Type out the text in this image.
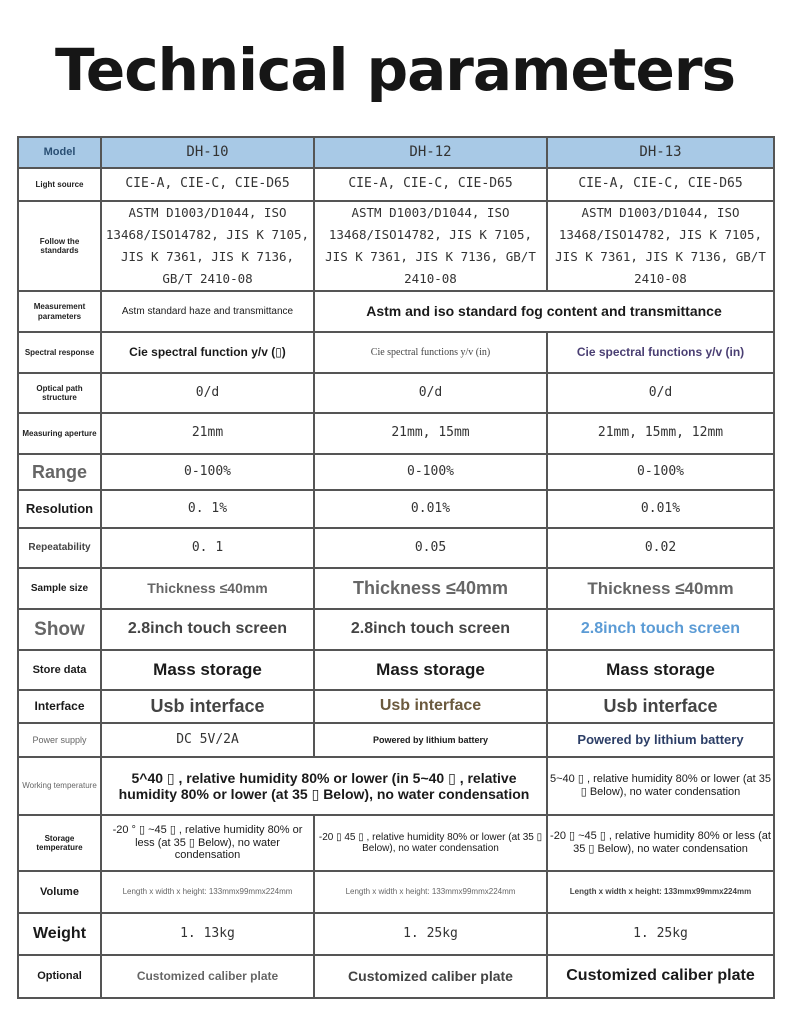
Technical parameters
Model	DH-10	DH-12	DH-13
Light source	CIE-A, CIE-C, CIE-D65	CIE-A, CIE-C, CIE-D65	CIE-A, CIE-C, CIE-D65
Follow the standards	ASTM D1003/D1044, ISO 13468/ISO14782, JIS K 7105, JIS K 7361, JIS K 7136, GB/T 2410-08	ASTM D1003/D1044, ISO 13468/ISO14782, JIS K 7105, JIS K 7361, JIS K 7136, GB/T 2410-08	ASTM D1003/D1044, ISO 13468/ISO14782, JIS K 7105, JIS K 7361, JIS K 7136, GB/T 2410-08
Measurement parameters	Astm standard haze and transmittance	Astm and iso standard fog content and transmittance	
Spectral response	Cie spectral function y/v (▯)	Cie spectral functions y/v (in)	Cie spectral functions y/v (in)
Optical path structure	0/d	0/d	0/d
Measuring aperture	21mm	21mm, 15mm	21mm, 15mm, 12mm
Range	0-100%	0-100%	0-100%
Resolution	0. 1%	0.01%	0.01%
Repeatability	0. 1	0.05	0.02
Sample size	Thickness ≤40mm	Thickness ≤40mm	Thickness ≤40mm
Show	2.8inch touch screen	2.8inch touch screen	2.8inch touch screen
Store data	Mass storage	Mass storage	Mass storage
Interface	Usb interface	Usb interface	Usb interface
Power supply	DC 5V/2A	Powered by lithium battery	Powered by lithium battery
Working temperature	5^40 ▯ , relative humidity 80% or lower (in 5~40 ▯ , relative humidity 80% or lower (at 35 ▯ Below), no water condensation		5~40 ▯ , relative humidity 80% or lower (at 35 ▯ Below), no water condensation
Storage temperature	-20 ° ▯ ~45 ▯ , relative humidity 80% or less (at 35 ▯ Below), no water condensation	-20 ▯ 45 ▯ , relative humidity 80% or lower (at 35 ▯ Below), no water condensation	-20 ▯ ~45 ▯ , relative humidity 80% or less (at 35 ▯ Below), no water condensation
Volume	Length x width x height: 133mmx99mmx224mm	Length x width x height: 133mmx99mmx224mm	Length x width x height: 133mmx99mmx224mm
Weight	1. 13kg	1. 25kg	1. 25kg
Optional	Customized caliber plate	Customized caliber plate	Customized caliber plate
